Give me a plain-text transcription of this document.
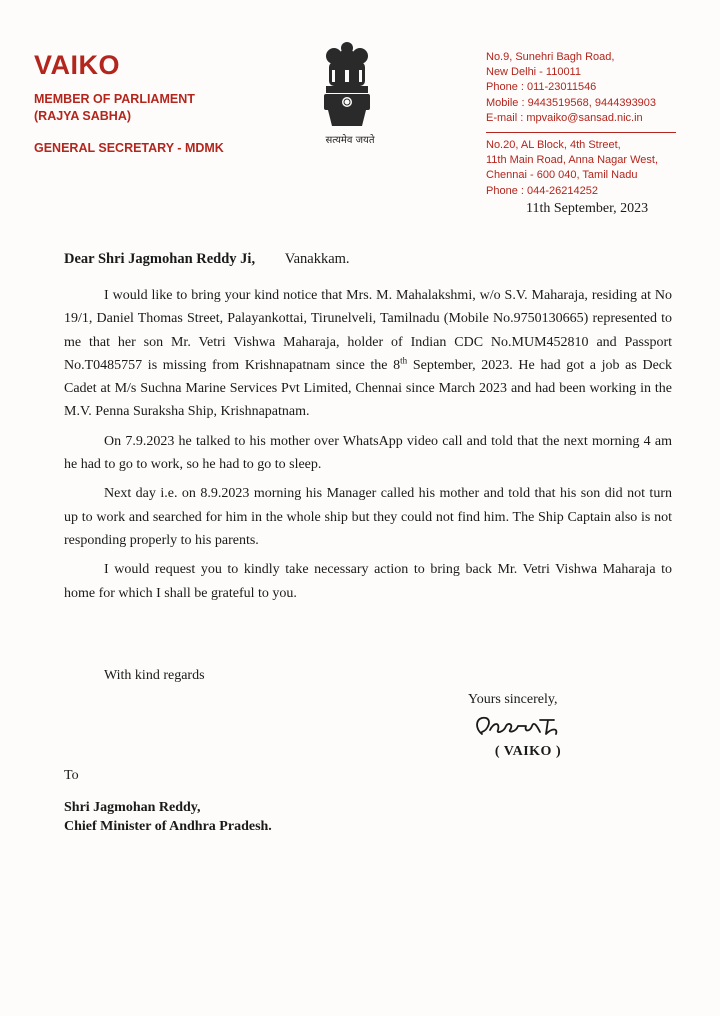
VAIKO

MEMBER OF PARLIAMENT

(RAJYA SABHA)

GENERAL SECRETARY - MDMK

सत्यमेव जयते

No.9, Sunehri Bagh Road,

New Delhi - 110011

Phone : 011-23011546

Mobile : 9443519568, 9444393903

E-mail : mpvaiko@sansad.nic.in

No.20, AL Block, 4th Street,

11th Main Road, Anna Nagar West,

Chennai - 600 040, Tamil Nadu

Phone : 044-26214252

11th September, 2023
Dear Shri Jagmohan Reddy Ji, Vanakkam.

I would like to bring your kind notice that Mrs. M. Mahalakshmi, w/o S.V. Maharaja, residing at No 19/1, Daniel Thomas Street, Palayankottai, Tirunelveli, Tamilnadu (Mobile No.9750130665) represented to me that her son Mr. Vetri Vishwa Maharaja, holder of Indian CDC No.MUM452810 and Passport No.T0485757 is missing from Krishnapatnam since the 8th September, 2023. He had got a job as Deck Cadet at M/s Suchna Marine Services Pvt Limited, Chennai since March 2023 and had been working in the M.V. Penna Suraksha Ship, Krishnapatnam.

On 7.9.2023 he talked to his mother over WhatsApp video call and told that the next morning 4 am he had to go to work, so he had to go to sleep.

Next day i.e. on 8.9.2023 morning his Manager called his mother and told that his son did not turn up to work and searched for him in the whole ship but they could not find him. The Ship Captain also is not responding properly to his parents.

I would request you to kindly take necessary action to bring back Mr. Vetri Vishwa Maharaja to home for which I shall be grateful to you.

With kind regards

Yours sincerely,

( VAIKO )

To

Shri Jagmohan Reddy,

Chief Minister of Andhra Pradesh.
